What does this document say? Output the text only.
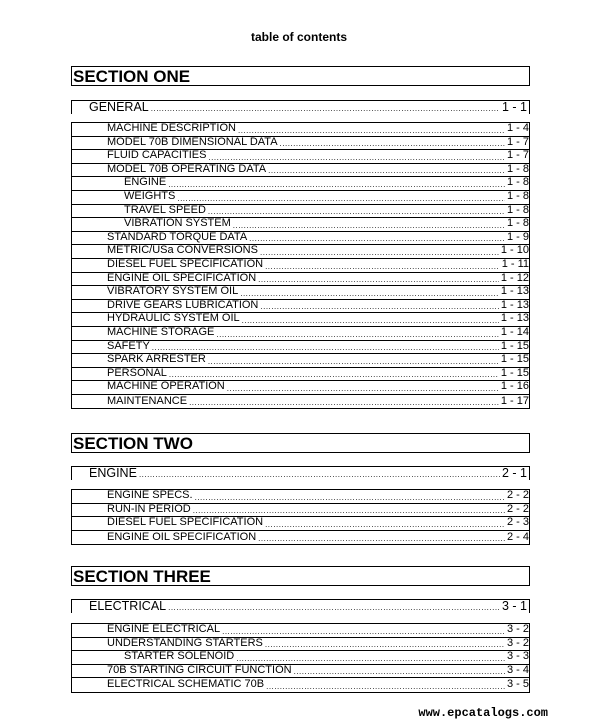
table of contents
SECTION ONE
GENERAL .....	1 - 1
MACHINE DESCRIPTION .....	1 - 4
MODEL 70B DIMENSIONAL DATA .....	1 - 7
FLUID CAPACITIES .....	1 - 7
MODEL 70B OPERATING DATA .....	1 - 8
ENGINE .....	1 - 8
WEIGHTS .....	1 - 8
TRAVEL SPEED .....	1 - 8
VIBRATION SYSTEM .....	1 - 8
STANDARD TORQUE DATA .....	1 - 9
METRIC/USa CONVERSIONS .....	1 - 10
DIESEL FUEL SPECIFICATION .....	1 - 11
ENGINE OIL SPECIFICATION .....	1 - 12
VIBRATORY SYSTEM OIL .....	1 - 13
DRIVE GEARS LUBRICATION .....	1 - 13
HYDRAULIC SYSTEM OIL .....	1 - 13
MACHINE STORAGE .....	1 - 14
SAFETY .....	1 - 15
SPARK ARRESTER .....	1 - 15
PERSONAL .....	1 - 15
MACHINE OPERATION .....	1 - 16
MAINTENANCE .....	1 - 17
SECTION TWO
ENGINE .....	2 - 1
ENGINE SPECS. .....	2 - 2
RUN-IN PERIOD .....	2 - 2
DIESEL FUEL SPECIFICATION .....	2 - 3
ENGINE OIL SPECIFICATION .....	2 - 4
SECTION THREE
ELECTRICAL .....	3 - 1
ENGINE ELECTRICAL .....	3 - 2
UNDERSTANDING STARTERS .....	3 - 2
STARTER SOLENOID .....	3 - 3
70B STARTING CIRCUIT FUNCTION .....	3 - 4
ELECTRICAL SCHEMATIC 70B .....	3 - 5
www.epcatalogs.com
